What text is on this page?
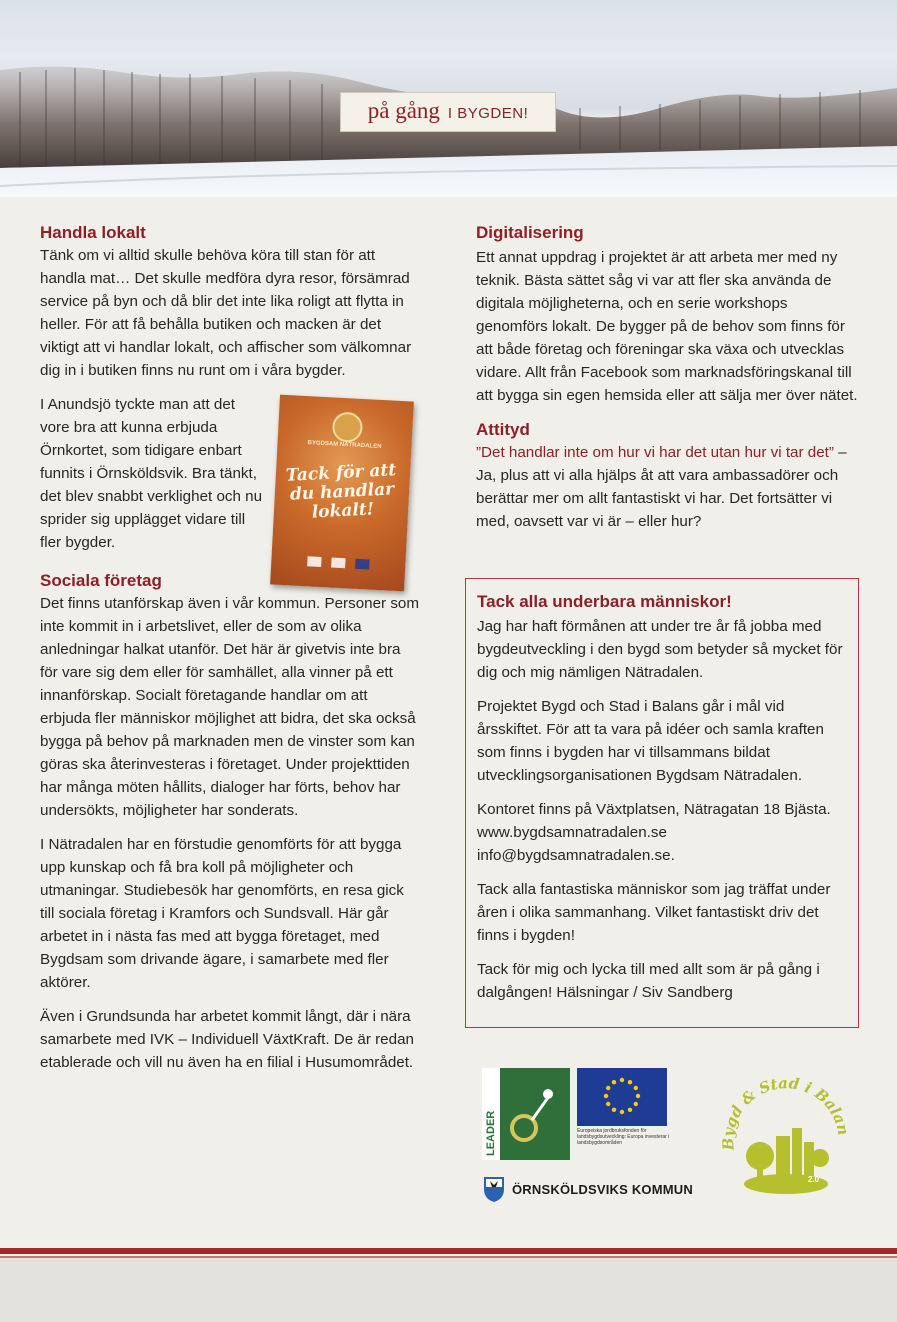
på gång I BYGDEN!
Handla lokalt

Tänk om vi alltid skulle behöva köra till stan för att handla mat… Det skulle medföra dyra resor, försämrad service på byn och då blir det inte lika roligt att flytta in heller. För att få behålla butiken och macken är det viktigt att vi handlar lokalt, och affischer som välkomnar dig in i butiken finns nu runt om i våra bygder.

I Anundsjö tyckte man att det vore bra att kunna erbjuda Örnkortet, som tidigare enbart funnits i Örnsköldsvik. Bra tänkt, det blev snabbt verklighet och nu sprider sig upplägget vidare till fler bygder.

Sociala företag

Det finns utanförskap även i vår kommun. Personer som inte kommit in i arbetslivet, eller de som av olika anledningar halkat utanför. Det här är givetvis inte bra för vare sig dem eller för samhället, alla vinner på ett innanförskap. Socialt företagande handlar om att erbjuda fler människor möjlighet att bidra, det ska också bygga på behov på marknaden men de vinster som kan göras ska återinvesteras i företaget. Under projekttiden har många möten hållits, dialoger har förts, behov har undersökts, möjligheter har sonderats.

I Nätradalen har en förstudie genomförts för att bygga upp kunskap och få bra koll på möjligheter och utmaningar. Studiebesök har genomförts, en resa gick till sociala företag i Kramfors och Sundsvall. Här går arbetet in i nästa fas med att bygga företaget, med Bygdsam som drivande ägare, i samarbete med fler aktörer.

Även i Grundsunda har arbetet kommit långt, där i nära samarbete med IVK – Individuell VäxtKraft. De är redan etablerade och vill nu även ha en filial i Husumområdet.

BYGDSAM NÄTRADALEN
Tack för att du handlar lokalt!
Digitalisering

Ett annat uppdrag i projektet är att arbeta mer med ny teknik. Bästa sättet såg vi var att fler ska använda de digitala möjligheterna, och en serie workshops genomförs lokalt. De bygger på de behov som finns för att både företag och föreningar ska växa och utvecklas vidare. Allt från Facebook som marknadsföringskanal till att bygga sin egen hemsida eller att sälja mer över nätet.

Attityd

”Det handlar inte om hur vi har det utan hur vi tar det” – Ja, plus att vi alla hjälps åt att vara ambassadörer och berättar mer om allt fantastiskt vi har. Det fortsätter vi med, oavsett var vi är – eller hur?

Tack alla underbara människor!

Jag har haft förmånen att under tre år få jobba med bygdeutveckling i den bygd som betyder så mycket för dig och mig nämligen Nätradalen.

Projektet Bygd och Stad i Balans går i mål vid årsskiftet. För att ta vara på idéer och samla kraften som finns i bygden har vi tillsammans bildat utvecklingsorganisationen Bygdsam Nätradalen.

Kontoret finns på Växtplatsen, Nätragatan 18 Bjästa. www.bygdsamnatradalen.se info@bygdsamnatradalen.se.

Tack alla fantastiska människor som jag träffat under åren i olika sammanhang. Vilket fantastiskt driv det finns i bygden!

Tack för mig och lycka till med allt som är på gång i dalgången! Hälsningar / Siv Sandberg

LEADER	Europeiska jordbruksfonden för landsbygdsutveckling: Europa investerar i landsbygdsområden
ÖRNSKÖLDSVIKS KOMMUN
Bygd & Stad i Balan
2.0
